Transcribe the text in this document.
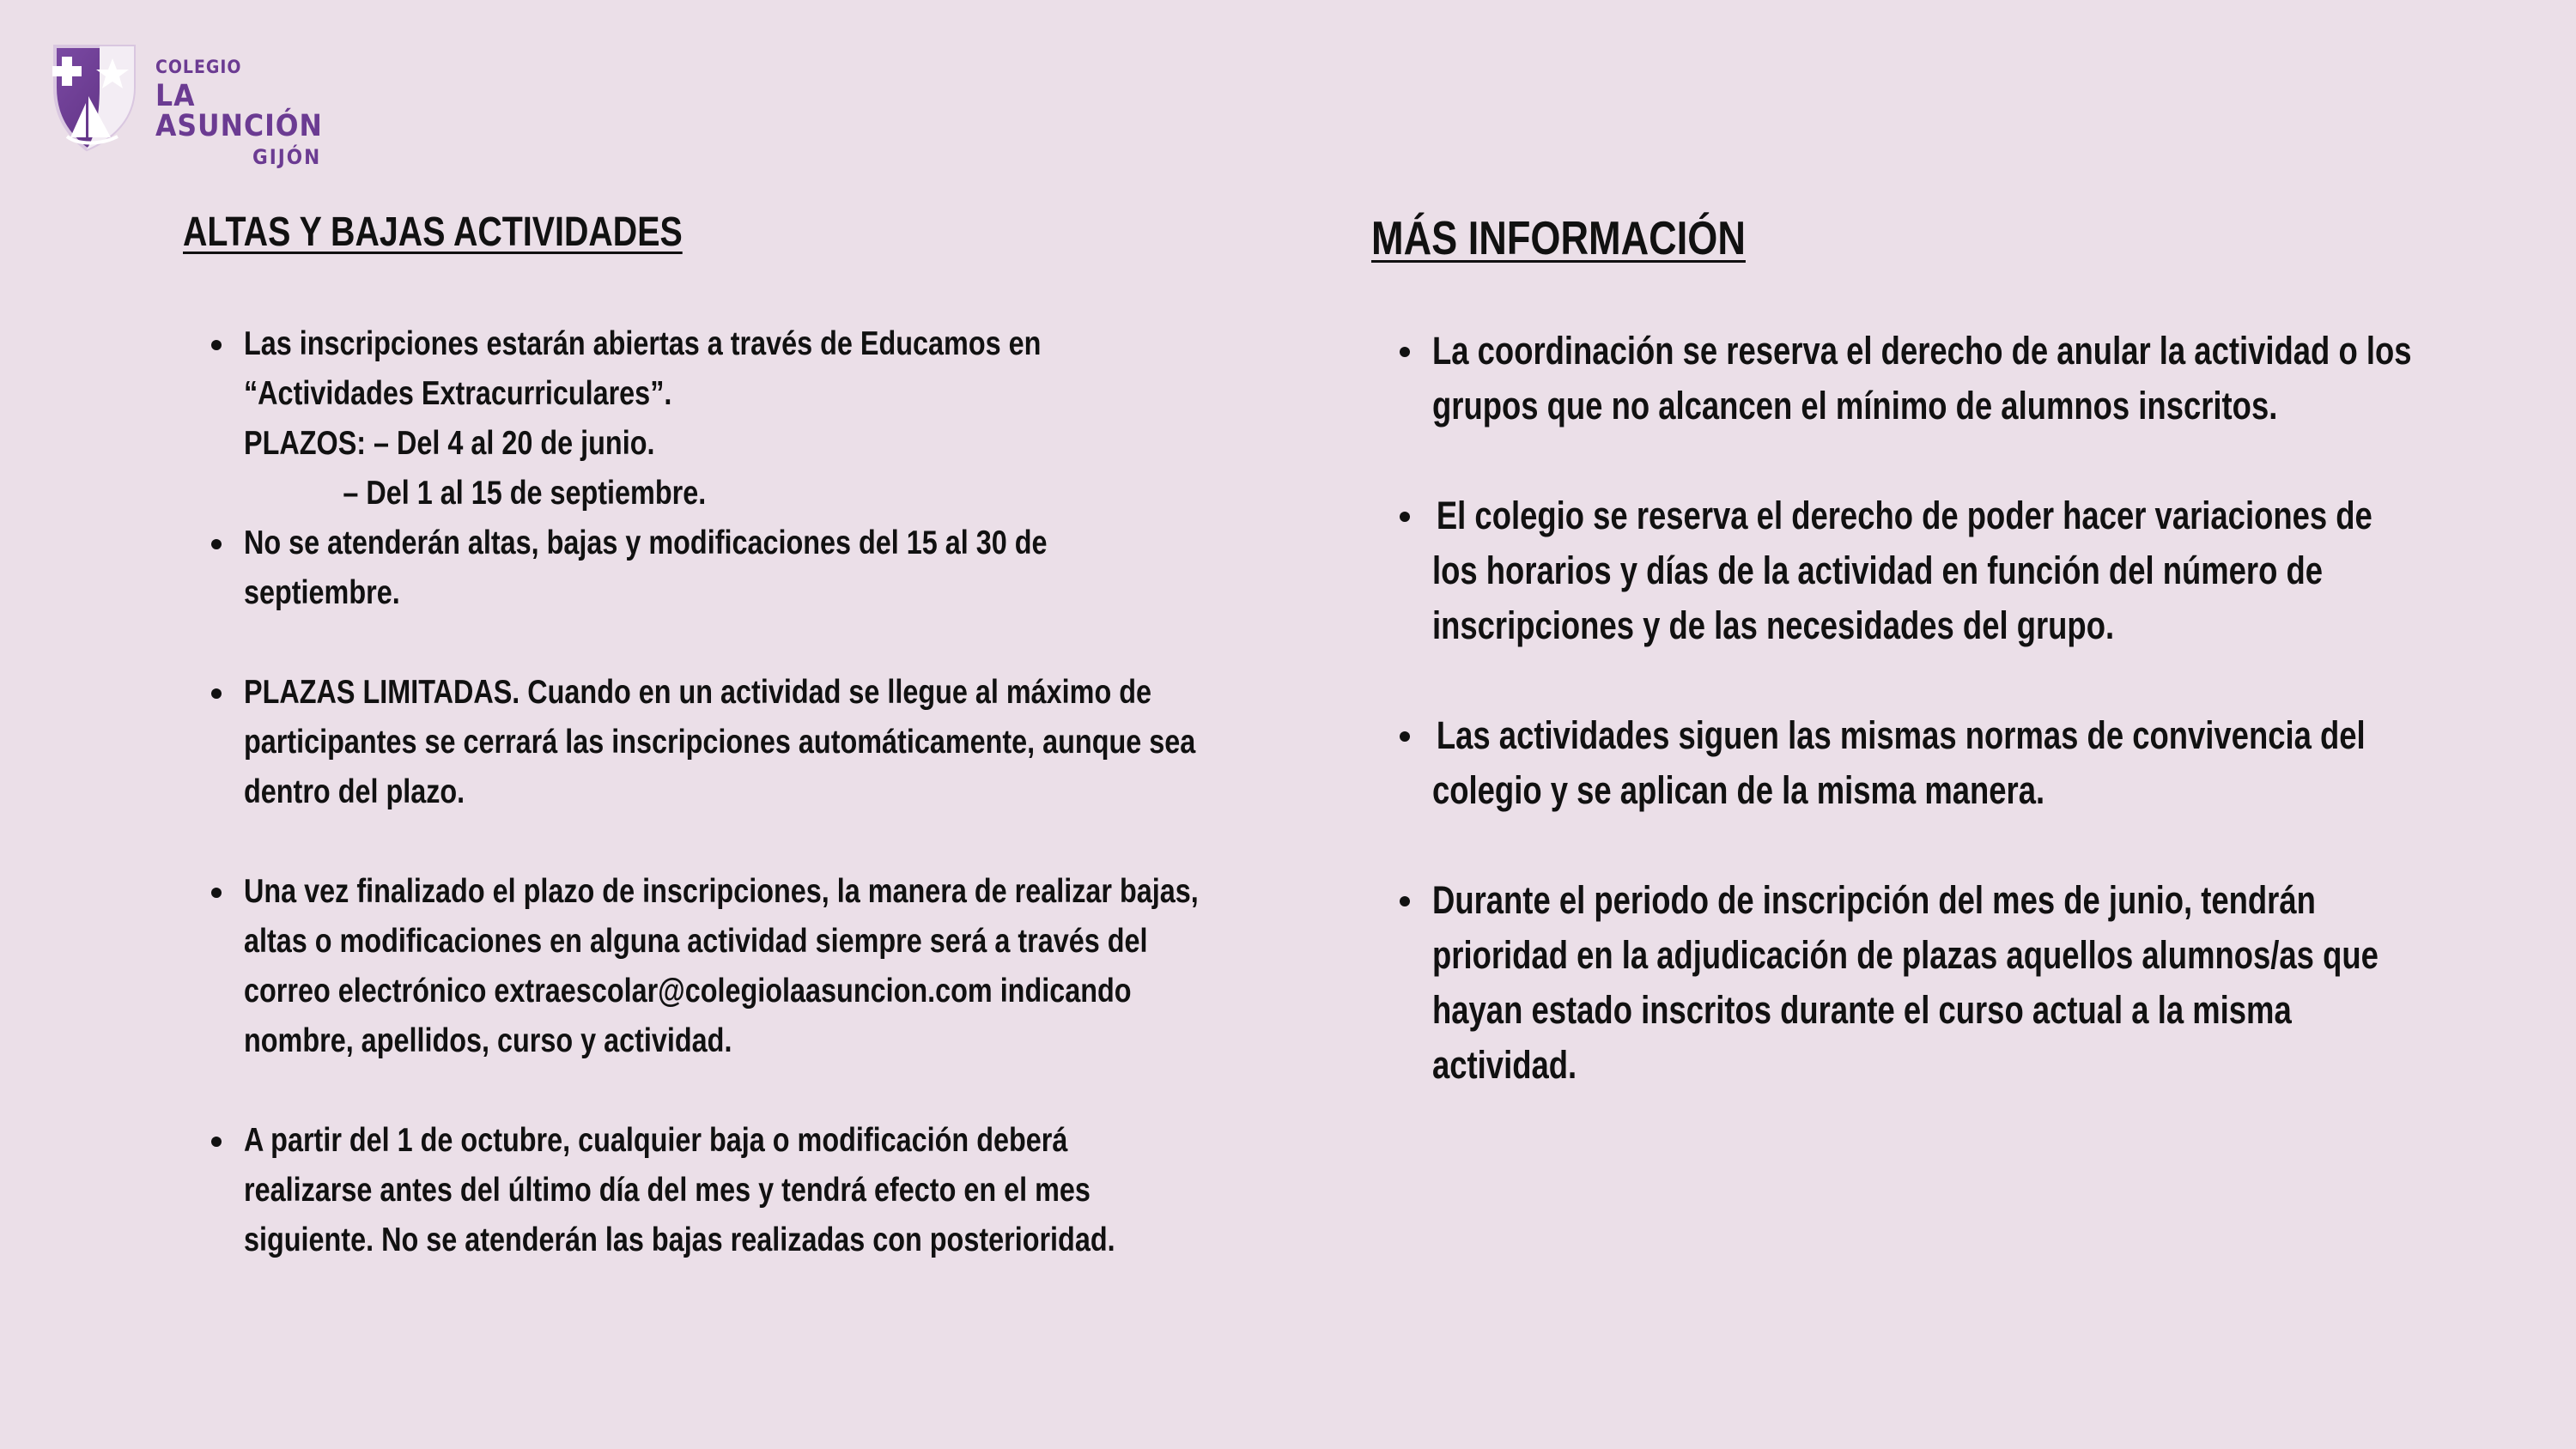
COLEGIO
LA ASUNCIÓN
GIJÓN
ALTAS Y BAJAS ACTIVIDADES
Las inscripciones estarán abiertas a través de Educamos en
“Actividades Extracurriculares”.
PLAZOS: – Del 4 al 20 de junio.
– Del 1 al 15 de septiembre.
No se atenderán altas, bajas y modificaciones del 15 al 30 de
septiembre.
PLAZAS LIMITADAS. Cuando en un actividad se llegue al máximo de
participantes se cerrará las inscripciones automáticamente, aunque sea
dentro del plazo.
Una vez finalizado el plazo de inscripciones, la manera de realizar bajas,
altas o modificaciones en alguna actividad siempre será a través del
correo electrónico extraescolar@colegiolaasuncion.com indicando
nombre, apellidos, curso y actividad.
A partir del 1 de octubre, cualquier baja o modificación deberá
realizarse antes del último día del mes y tendrá efecto en el mes
siguiente. No se atenderán las bajas realizadas con posterioridad.
MÁS INFORMACIÓN
La coordinación se reserva el derecho de anular la actividad o los
grupos que no alcancen el mínimo de alumnos inscritos.
El colegio se reserva el derecho de poder hacer variaciones de
los horarios y días de la actividad en función del número de
inscripciones y de las necesidades del grupo.
Las actividades siguen las mismas normas de convivencia del
colegio y se aplican de la misma manera.
Durante el periodo de inscripción del mes de junio, tendrán
prioridad en la adjudicación de plazas aquellos alumnos/as que
hayan estado inscritos durante el curso actual a la misma
actividad.
